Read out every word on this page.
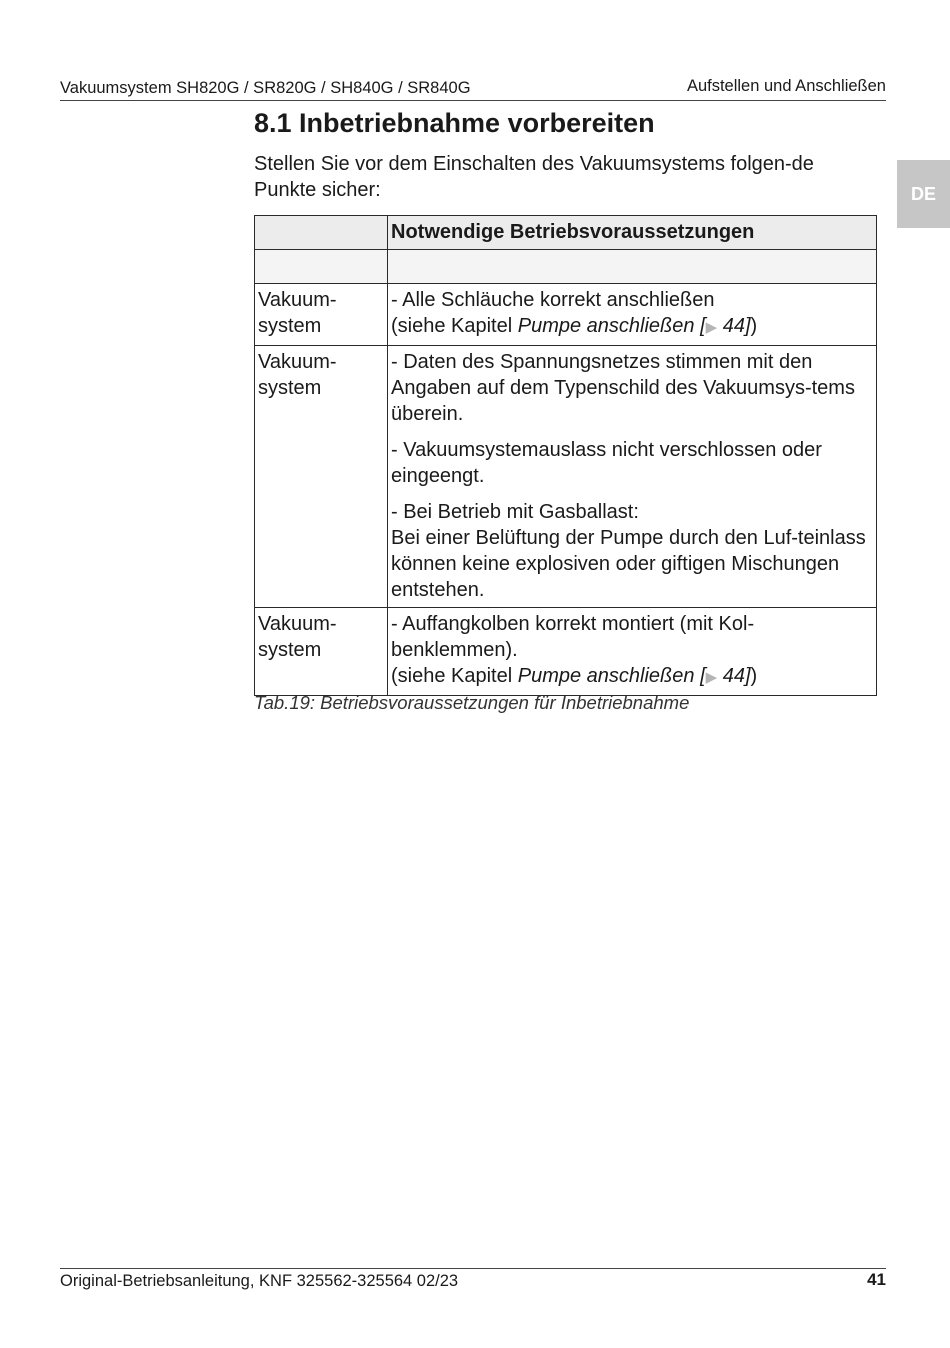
Vakuumsystem SH820G / SR820G / SH840G / SR840G	Aufstellen und Anschließen
DE
8.1 Inbetriebnahme vorbereiten

Stellen Sie vor dem Einschalten des Vakuumsystems folgen-de Punkte sicher:

	Notwendige Betriebsvoraussetzungen

Vakuum-system	- Alle Schläuche korrekt anschließen
(siehe Kapitel Pumpe anschließen [▶ 44])

Vakuum-system	- Daten des Spannungsnetzes stimmen mit den Angaben auf dem Typenschild des Vakuumsys-tems überein.
- Vakuumsystemauslass nicht verschlossen oder eingeengt.
- Bei Betrieb mit Gasballast:
Bei einer Belüftung der Pumpe durch den Luf-teinlass können keine explosiven oder giftigen Mischungen entstehen.

Vakuum-system	- Auffangkolben korrekt montiert (mit Kol-benklemmen).
(siehe Kapitel Pumpe anschließen [▶ 44])

Tab.19: Betriebsvoraussetzungen für Inbetriebnahme

Original-Betriebsanleitung, KNF 325562-325564 02/23	41
